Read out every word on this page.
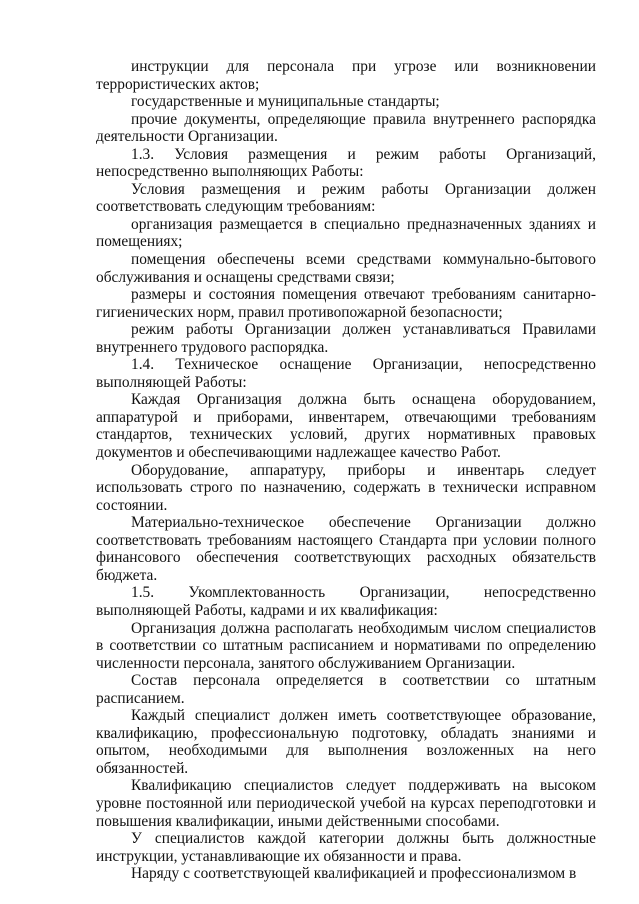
инструкции для персонала при угрозе или возникновении террористических актов;

государственные и муниципальные стандарты;

прочие документы, определяющие правила внутреннего распорядка деятельности Организации.

1.3. Условия размещения и режим работы Организаций, непосредственно выполняющих Работы:

Условия размещения и режим работы Организации должен соответствовать следующим требованиям:

организация размещается в специально предназначенных зданиях и помещениях;

помещения обеспечены всеми средствами коммунально-бытового обслуживания и оснащены средствами связи;

размеры и состояния помещения отвечают требованиям санитарно-гигиенических норм, правил противопожарной безопасности;

режим работы Организации должен устанавливаться Правилами внутреннего трудового распорядка.

1.4. Техническое оснащение Организации, непосредственно выполняющей Работы:

Каждая Организация должна быть оснащена оборудованием, аппаратурой и приборами, инвентарем, отвечающими требованиям стандартов, технических условий, других нормативных правовых документов и обеспечивающими надлежащее качество Работ.

Оборудование, аппаратуру, приборы и инвентарь следует использовать строго по назначению, содержать в технически исправном состоянии.

Материально-техническое обеспечение Организации должно соответствовать требованиям настоящего Стандарта при условии полного финансового обеспечения соответствующих расходных обязательств бюджета.

1.5. Укомплектованность Организации, непосредственно выполняющей Работы, кадрами и их квалификация:

Организация должна располагать необходимым числом специалистов в соответствии со штатным расписанием и нормативами по определению численности персонала, занятого обслуживанием Организации.

Состав персонала определяется в соответствии со штатным расписанием.

Каждый специалист должен иметь соответствующее образование, квалификацию, профессиональную подготовку, обладать знаниями и опытом, необходимыми для выполнения возложенных на него обязанностей.

Квалификацию специалистов следует поддерживать на высоком уровне постоянной или периодической учебой на курсах переподготовки и повышения квалификации, иными действенными способами.

У специалистов каждой категории должны быть должностные инструкции, устанавливающие их обязанности и права.

Наряду с соответствующей квалификацией и профессионализмом в
